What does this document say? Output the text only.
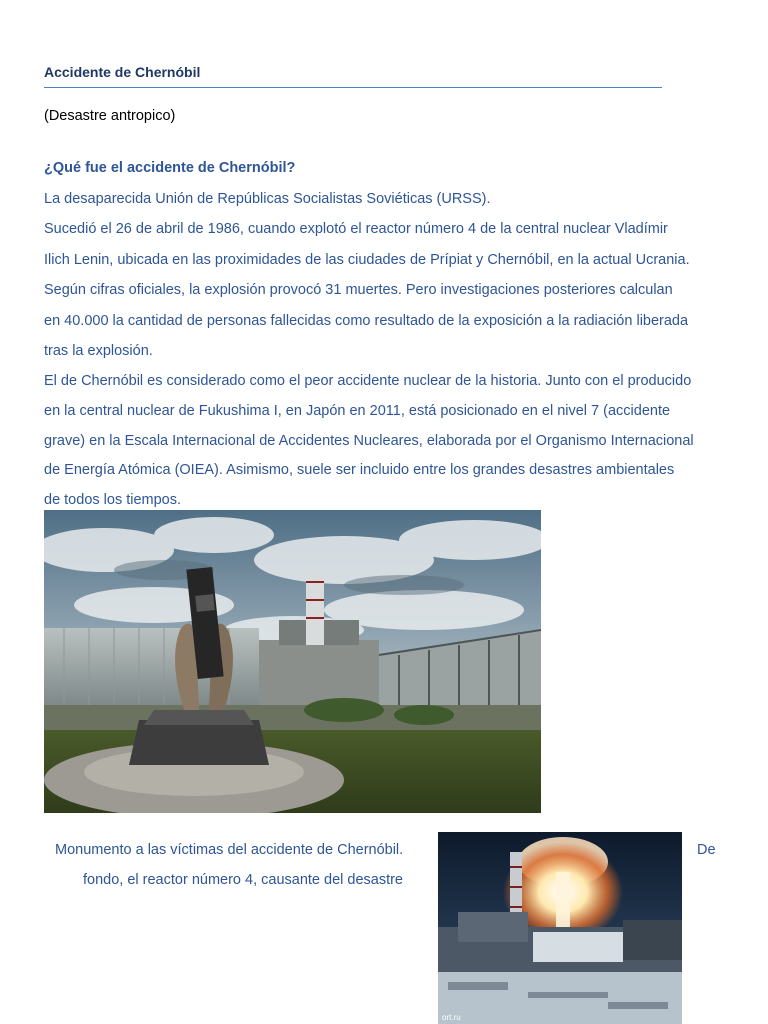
Accidente de Chernóbil
(Desastre antropico)
¿Qué fue el accidente de Chernóbil?
La desaparecida Unión de Repúblicas Socialistas Soviéticas (URSS).
Sucedió el 26 de abril de 1986, cuando explotó el reactor número 4 de la central nuclear Vladímir
Ilich Lenin, ubicada en las proximidades de las ciudades de Prípiat y Chernóbil, en la actual Ucrania.
Según cifras oficiales, la explosión provocó 31 muertes. Pero investigaciones posteriores calculan
en 40.000 la cantidad de personas fallecidas como resultado de la exposición a la radiación liberada
tras la explosión.
El de Chernóbil es considerado como el peor accidente nuclear de la historia. Junto con el producido
en la central nuclear de Fukushima I, en Japón en 2011, está posicionado en el nivel 7 (accidente
grave) en la Escala Internacional de Accidentes Nucleares, elaborada por el Organismo Internacional
de Energía Atómica (OIEA). Asimismo, suele ser incluido entre los grandes desastres ambientales
de todos los tiempos.
Monumento a las víctimas del accidente de Chernóbil.	De
fondo, el reactor número 4, causante del desastre
ort.ru
